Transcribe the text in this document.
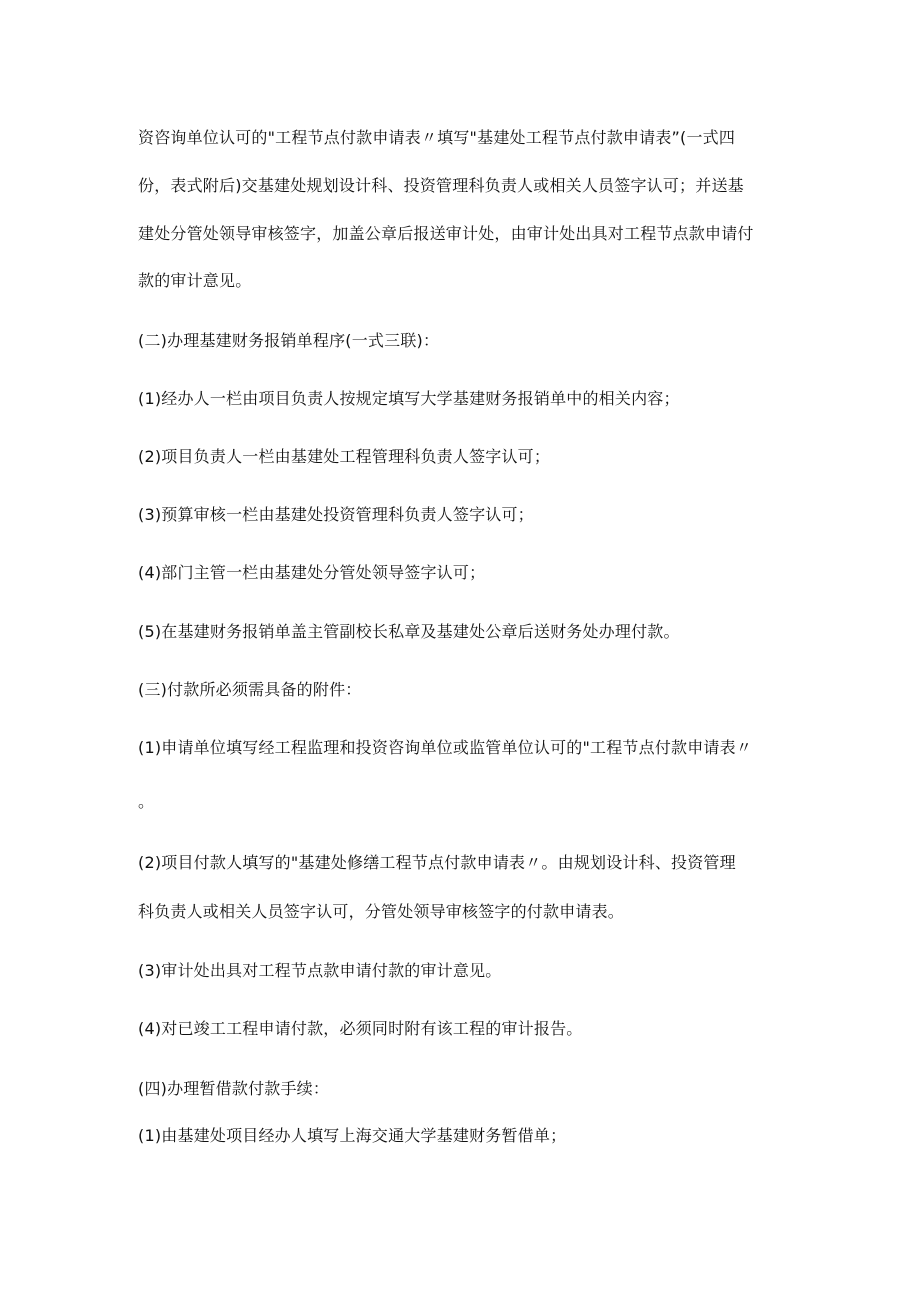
资咨询单位认可的"工程节点付款申请表〃填写"基建处工程节点付款申请表”(一式四
份，表式附后)交基建处规划设计科、投资管理科负责人或相关人员签字认可；并送基
建处分管处领导审核签字，加盖公章后报送审计处，由审计处出具对工程节点款申请付
款的审计意见。
(二)办理基建财务报销单程序(一式三联)：
(1)经办人一栏由项目负责人按规定填写大学基建财务报销单中的相关内容；
(2)项目负责人一栏由基建处工程管理科负责人签字认可；
(3)预算审核一栏由基建处投资管理科负责人签字认可；
(4)部门主管一栏由基建处分管处领导签字认可；
(5)在基建财务报销单盖主管副校长私章及基建处公章后送财务处办理付款。
(三)付款所必须需具备的附件：
(1)申请单位填写经工程监理和投资咨询单位或监管单位认可的"工程节点付款申请表〃
。
(2)项目付款人填写的"基建处修缮工程节点付款申请表〃。由规划设计科、投资管理
科负责人或相关人员签字认可，分管处领导审核签字的付款申请表。
(3)审计处出具对工程节点款申请付款的审计意见。
(4)对已竣工工程申请付款，必须同时附有该工程的审计报告。
(四)办理暂借款付款手续：
(1)由基建处项目经办人填写上海交通大学基建财务暂借单；
